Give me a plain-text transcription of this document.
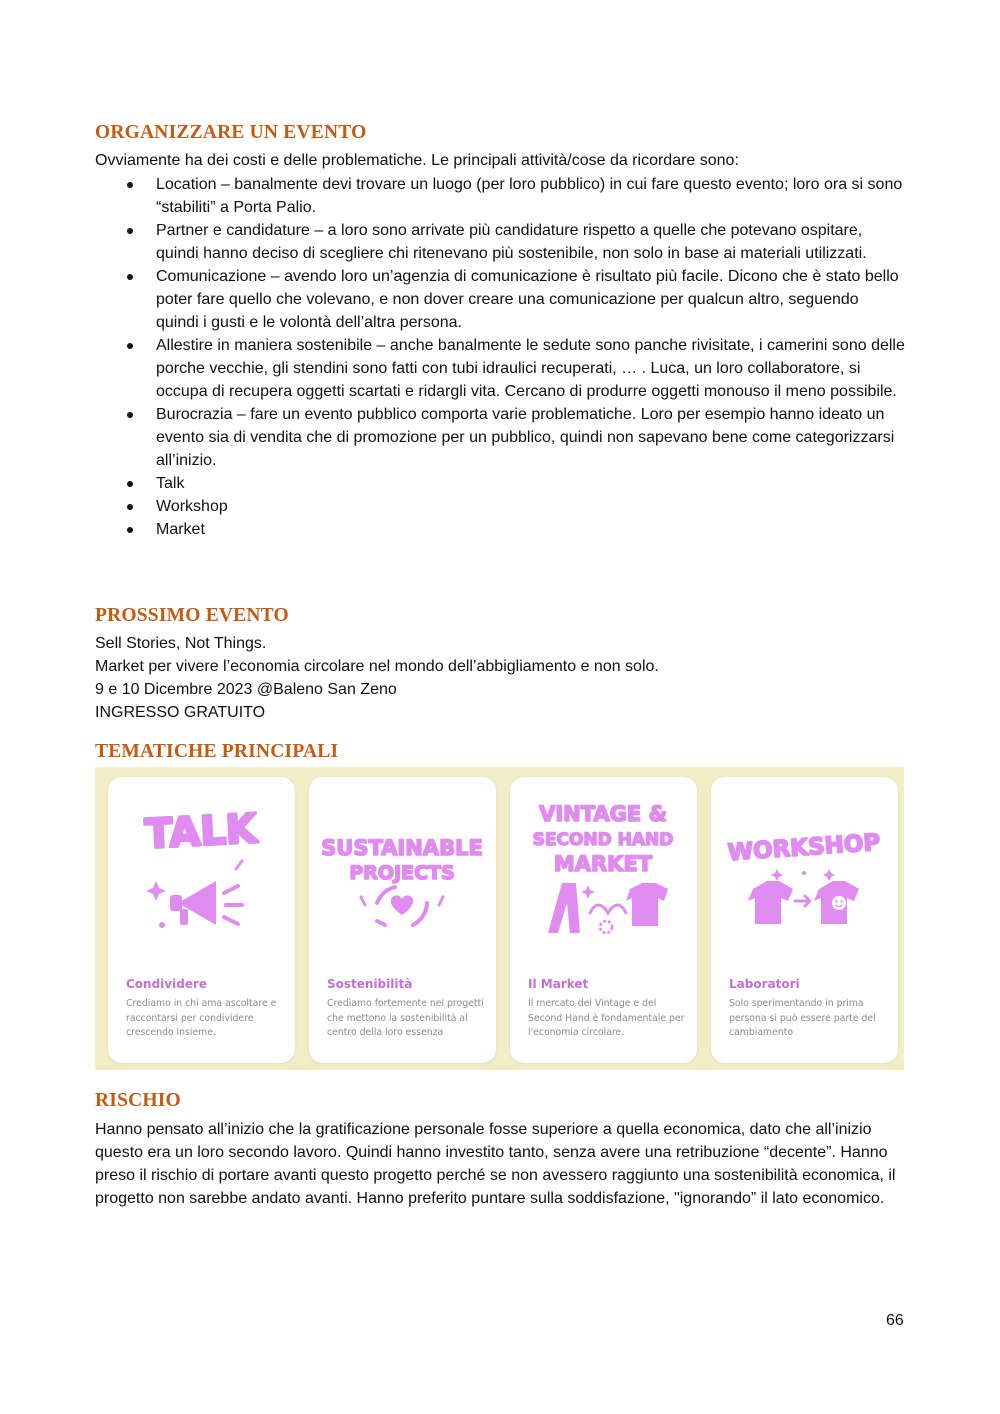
ORGANIZZARE UN EVENTO

Ovviamente ha dei costi e delle problematiche. Le principali attività/cose da ricordare sono:

Location – banalmente devi trovare un luogo (per loro pubblico) in cui fare questo evento; loro ora si sono “stabiliti” a Porta Palio.
Partner e candidature – a loro sono arrivate più candidature rispetto a quelle che potevano ospitare, quindi hanno deciso di scegliere chi ritenevano più sostenibile, non solo in base ai materiali utilizzati.
Comunicazione – avendo loro un’agenzia di comunicazione è risultato più facile. Dicono che è stato bello poter fare quello che volevano, e non dover creare una comunicazione per qualcun altro, seguendo quindi i gusti e le volontà dell’altra persona.
Allestire in maniera sostenibile – anche banalmente le sedute sono panche rivisitate, i camerini sono delle porche vecchie, gli stendini sono fatti con tubi idraulici recuperati, … . Luca, un loro collaboratore, si occupa di recupera oggetti scartati e ridargli vita. Cercano di produrre oggetti monouso il meno possibile.
Burocrazia – fare un evento pubblico comporta varie problematiche. Loro per esempio hanno ideato un evento sia di vendita che di promozione per un pubblico, quindi non sapevano bene come categorizzarsi all’inizio.
Talk
Workshop
Market
PROSSIMO EVENTO

Sell Stories, Not Things.

Market per vivere l’economia circolare nel mondo dell’abbigliamento e non solo.

9 e 10 Dicembre 2023 @Baleno San Zeno

INGRESSO GRATUITO

TEMATICHE PRINCIPALI
TALK
Condividere
Crediamo in chi ama ascoltare e raccontarsi per condividere crescendo insieme.
SUSTAINABLE
PROJECTS
Sostenibilità
Crediamo fortemente nei progetti che mettono la sostenibilità al centro della loro essenza
VINTAGE &
SECOND HAND
MARKET
Il Market
Il mercato del Vintage e del Second Hand è fondamentale per l'economia circolare.
WORKSHOP
Laboratori
Solo sperimentando in prima persona si può essere parte del cambiamento
RISCHIO

Hanno pensato all’inizio che la gratificazione personale fosse superiore a quella economica, dato che all’inizio questo era un loro secondo lavoro. Quindi hanno investito tanto, senza avere una retribuzione “decente”. Hanno preso il rischio di portare avanti questo progetto perché se non avessero raggiunto una sostenibilità economica, il progetto non sarebbe andato avanti. Hanno preferito puntare sulla soddisfazione, "ignorando” il lato economico.

66
